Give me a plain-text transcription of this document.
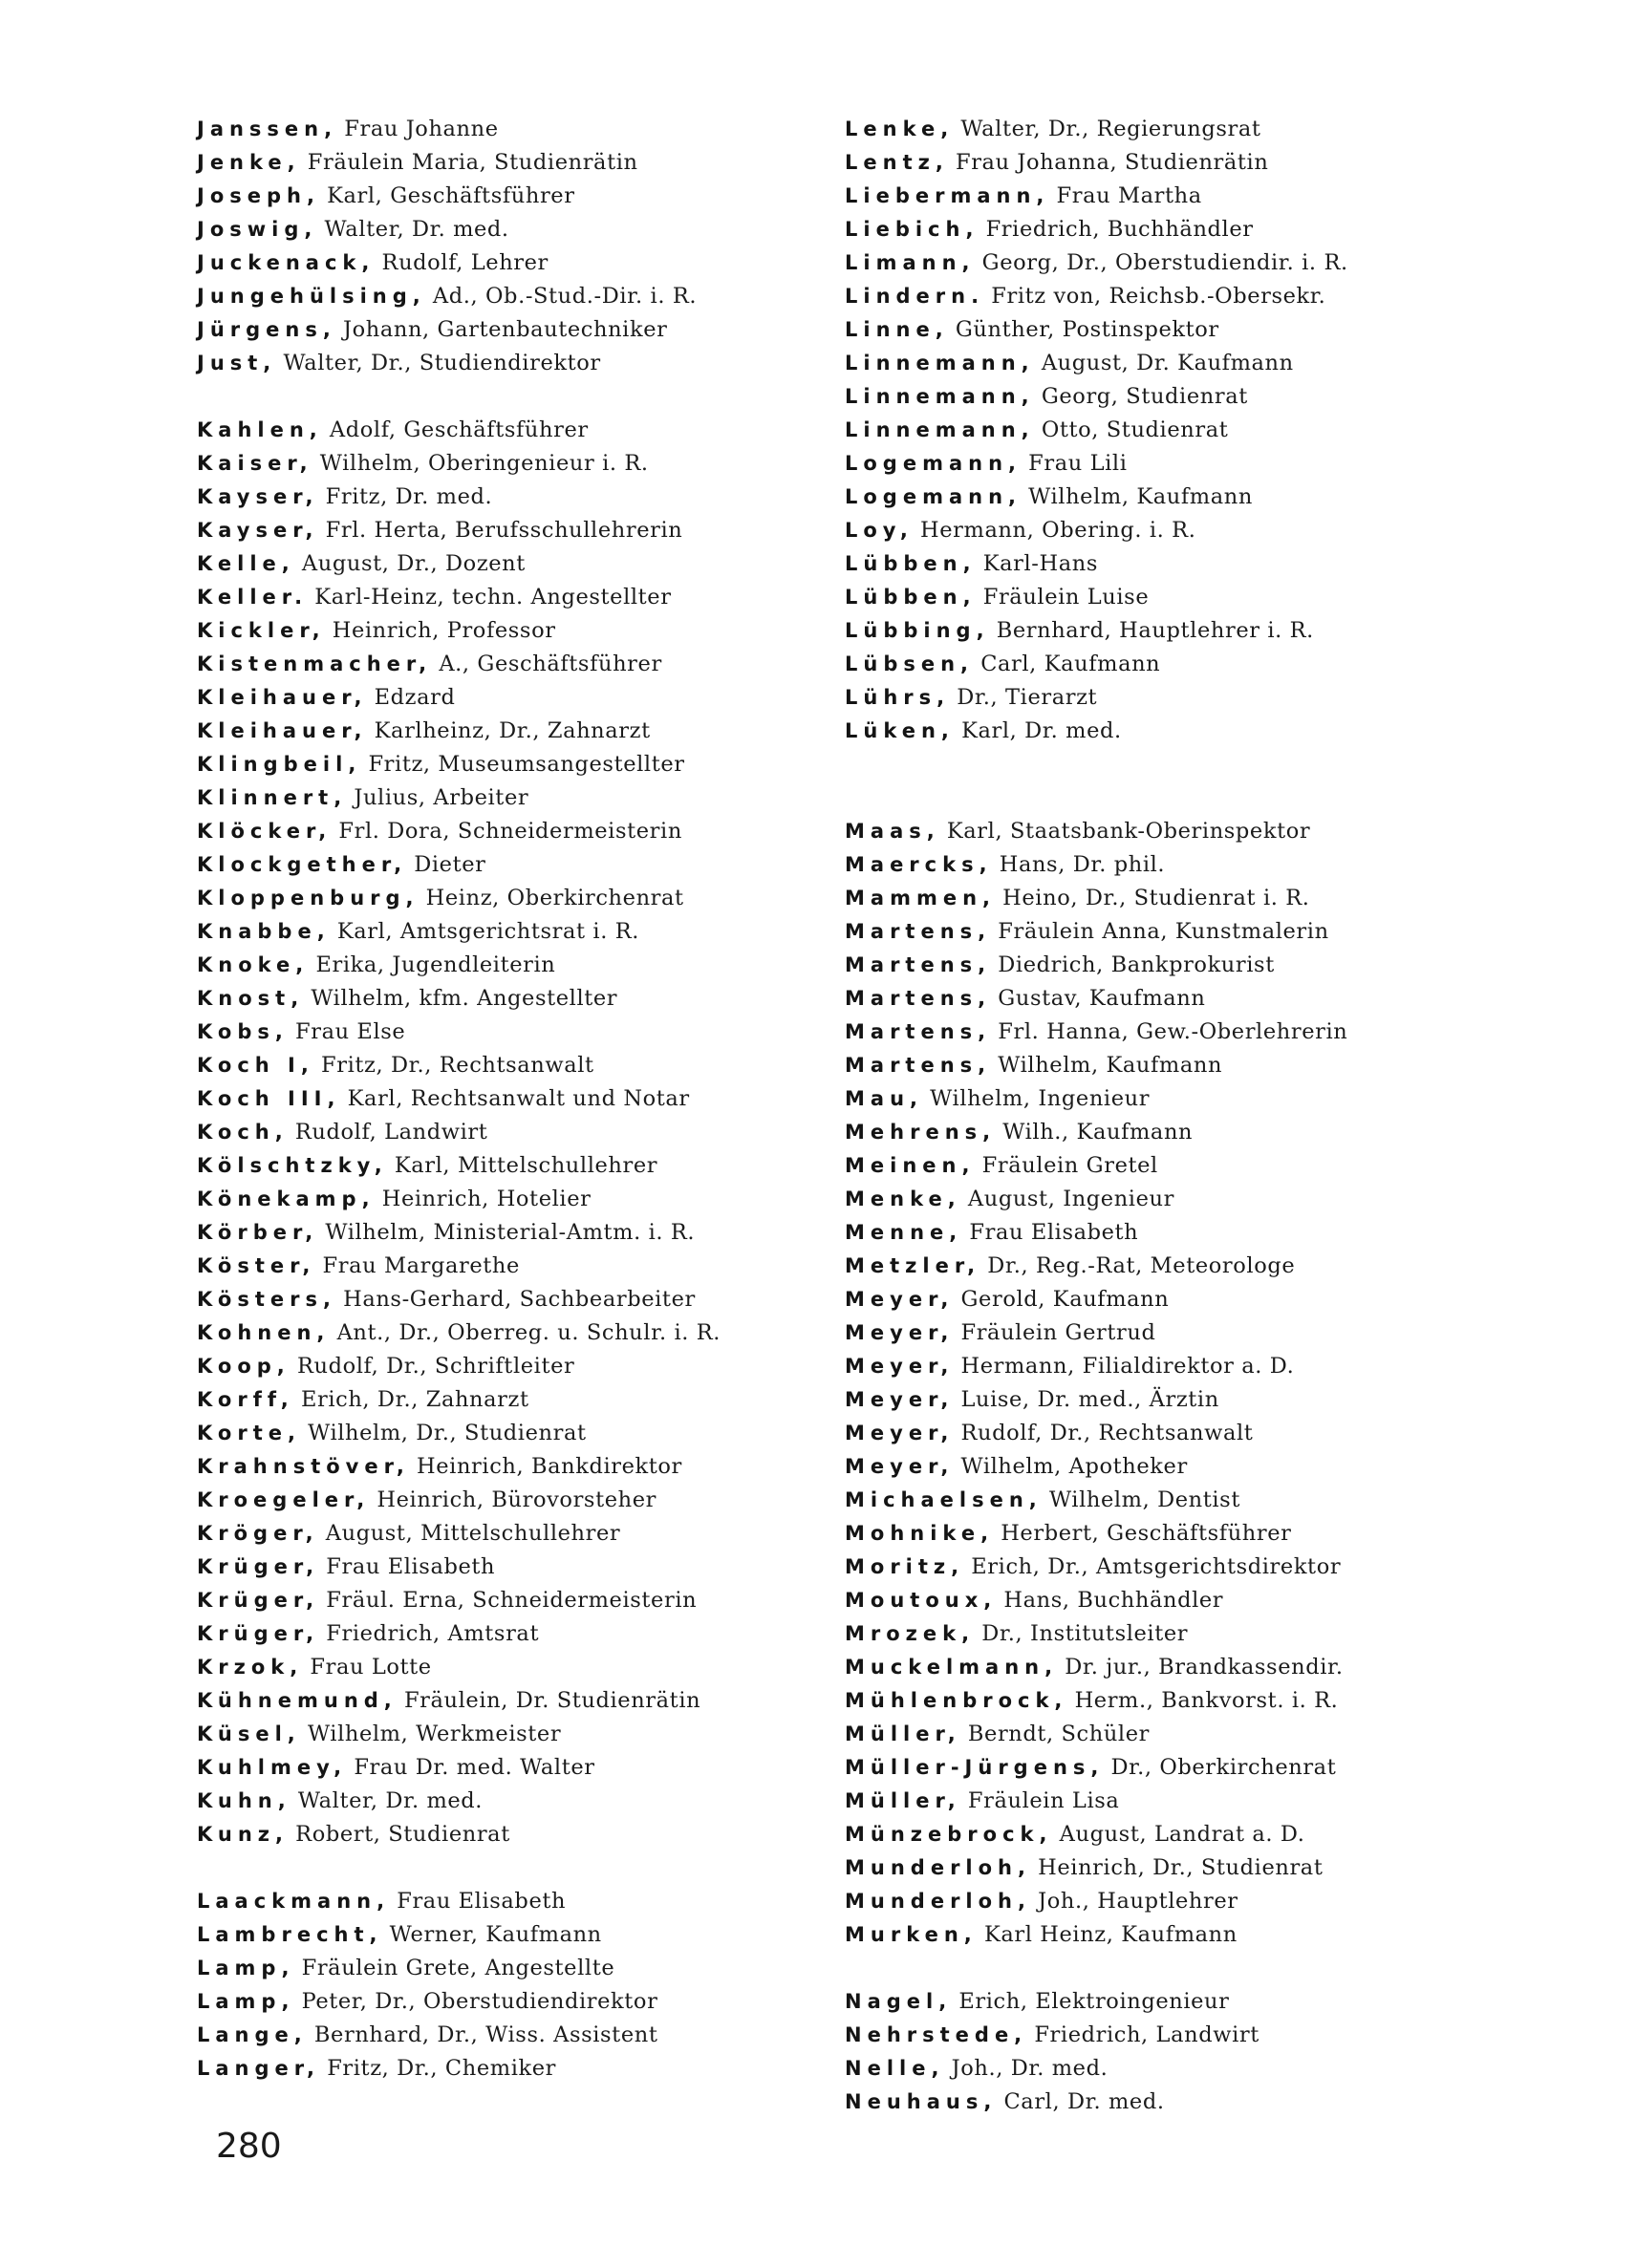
Janssen, Frau Johanne
Jenke, Fräulein Maria, Studienrätin
Joseph, Karl, Geschäftsführer
Joswig, Walter, Dr. med.
Juckenack, Rudolf, Lehrer
Jungehülsing, Ad., Ob.-Stud.-Dir. i. R.
Jürgens, Johann, Gartenbautechniker
Just, Walter, Dr., Studiendirektor
Kahlen, Adolf, Geschäftsführer
Kaiser, Wilhelm, Oberingenieur i. R.
Kayser, Fritz, Dr. med.
Kayser, Frl. Herta, Berufsschullehrerin
Kelle, August, Dr., Dozent
Keller. Karl-Heinz, techn. Angestellter
Kickler, Heinrich, Professor
Kistenmacher, A., Geschäftsführer
Kleihauer, Edzard
Kleihauer, Karlheinz, Dr., Zahnarzt
Klingbeil, Fritz, Museumsangestellter
Klinnert, Julius, Arbeiter
Klöcker, Frl. Dora, Schneidermeisterin
Klockgether, Dieter
Kloppenburg, Heinz, Oberkirchenrat
Knabbe, Karl, Amtsgerichtsrat i. R.
Knoke, Erika, Jugendleiterin
Knost, Wilhelm, kfm. Angestellter
Kobs, Frau Else
Koch I, Fritz, Dr., Rechtsanwalt
Koch III, Karl, Rechtsanwalt und Notar
Koch, Rudolf, Landwirt
Kölschtzky, Karl, Mittelschullehrer
Könekamp, Heinrich, Hotelier
Körber, Wilhelm, Ministerial-Amtm. i. R.
Köster, Frau Margarethe
Kösters, Hans-Gerhard, Sachbearbeiter
Kohnen, Ant., Dr., Oberreg. u. Schulr. i. R.
Koop, Rudolf, Dr., Schriftleiter
Korff, Erich, Dr., Zahnarzt
Korte, Wilhelm, Dr., Studienrat
Krahnstöver, Heinrich, Bankdirektor
Kroegeler, Heinrich, Bürovorsteher
Kröger, August, Mittelschullehrer
Krüger, Frau Elisabeth
Krüger, Fräul. Erna, Schneidermeisterin
Krüger, Friedrich, Amtsrat
Krzok, Frau Lotte
Kühnemund, Fräulein, Dr. Studienrätin
Küsel, Wilhelm, Werkmeister
Kuhlmey, Frau Dr. med. Walter
Kuhn, Walter, Dr. med.
Kunz, Robert, Studienrat
Laackmann, Frau Elisabeth
Lambrecht, Werner, Kaufmann
Lamp, Fräulein Grete, Angestellte
Lamp, Peter, Dr., Oberstudiendirektor
Lange, Bernhard, Dr., Wiss. Assistent
Langer, Fritz, Dr., Chemiker
Lenke, Walter, Dr., Regierungsrat
Lentz, Frau Johanna, Studienrätin
Liebermann, Frau Martha
Liebich, Friedrich, Buchhändler
Limann, Georg, Dr., Oberstudiendir. i. R.
Lindern. Fritz von, Reichsb.-Obersekr.
Linne, Günther, Postinspektor
Linnemann, August, Dr. Kaufmann
Linnemann, Georg, Studienrat
Linnemann, Otto, Studienrat
Logemann, Frau Lili
Logemann, Wilhelm, Kaufmann
Loy, Hermann, Obering. i. R.
Lübben, Karl-Hans
Lübben, Fräulein Luise
Lübbing, Bernhard, Hauptlehrer i. R.
Lübsen, Carl, Kaufmann
Lührs, Dr., Tierarzt
Lüken, Karl, Dr. med.
Maas, Karl, Staatsbank-Oberinspektor
Maercks, Hans, Dr. phil.
Mammen, Heino, Dr., Studienrat i. R.
Martens, Fräulein Anna, Kunstmalerin
Martens, Diedrich, Bankprokurist
Martens, Gustav, Kaufmann
Martens, Frl. Hanna, Gew.-Oberlehrerin
Martens, Wilhelm, Kaufmann
Mau, Wilhelm, Ingenieur
Mehrens, Wilh., Kaufmann
Meinen, Fräulein Gretel
Menke, August, Ingenieur
Menne, Frau Elisabeth
Metzler, Dr., Reg.-Rat, Meteorologe
Meyer, Gerold, Kaufmann
Meyer, Fräulein Gertrud
Meyer, Hermann, Filialdirektor a. D.
Meyer, Luise, Dr. med., Ärztin
Meyer, Rudolf, Dr., Rechtsanwalt
Meyer, Wilhelm, Apotheker
Michaelsen, Wilhelm, Dentist
Mohnike, Herbert, Geschäftsführer
Moritz, Erich, Dr., Amtsgerichtsdirektor
Moutoux, Hans, Buchhändler
Mrozek, Dr., Institutsleiter
Muckelmann, Dr. jur., Brandkassendir.
Mühlenbrock, Herm., Bankvorst. i. R.
Müller, Berndt, Schüler
Müller-Jürgens, Dr., Oberkirchenrat
Müller, Fräulein Lisa
Münzebrock, August, Landrat a. D.
Munderloh, Heinrich, Dr., Studienrat
Munderloh, Joh., Hauptlehrer
Murken, Karl Heinz, Kaufmann
Nagel, Erich, Elektroingenieur
Nehrstede, Friedrich, Landwirt
Nelle, Joh., Dr. med.
Neuhaus, Carl, Dr. med.
280
